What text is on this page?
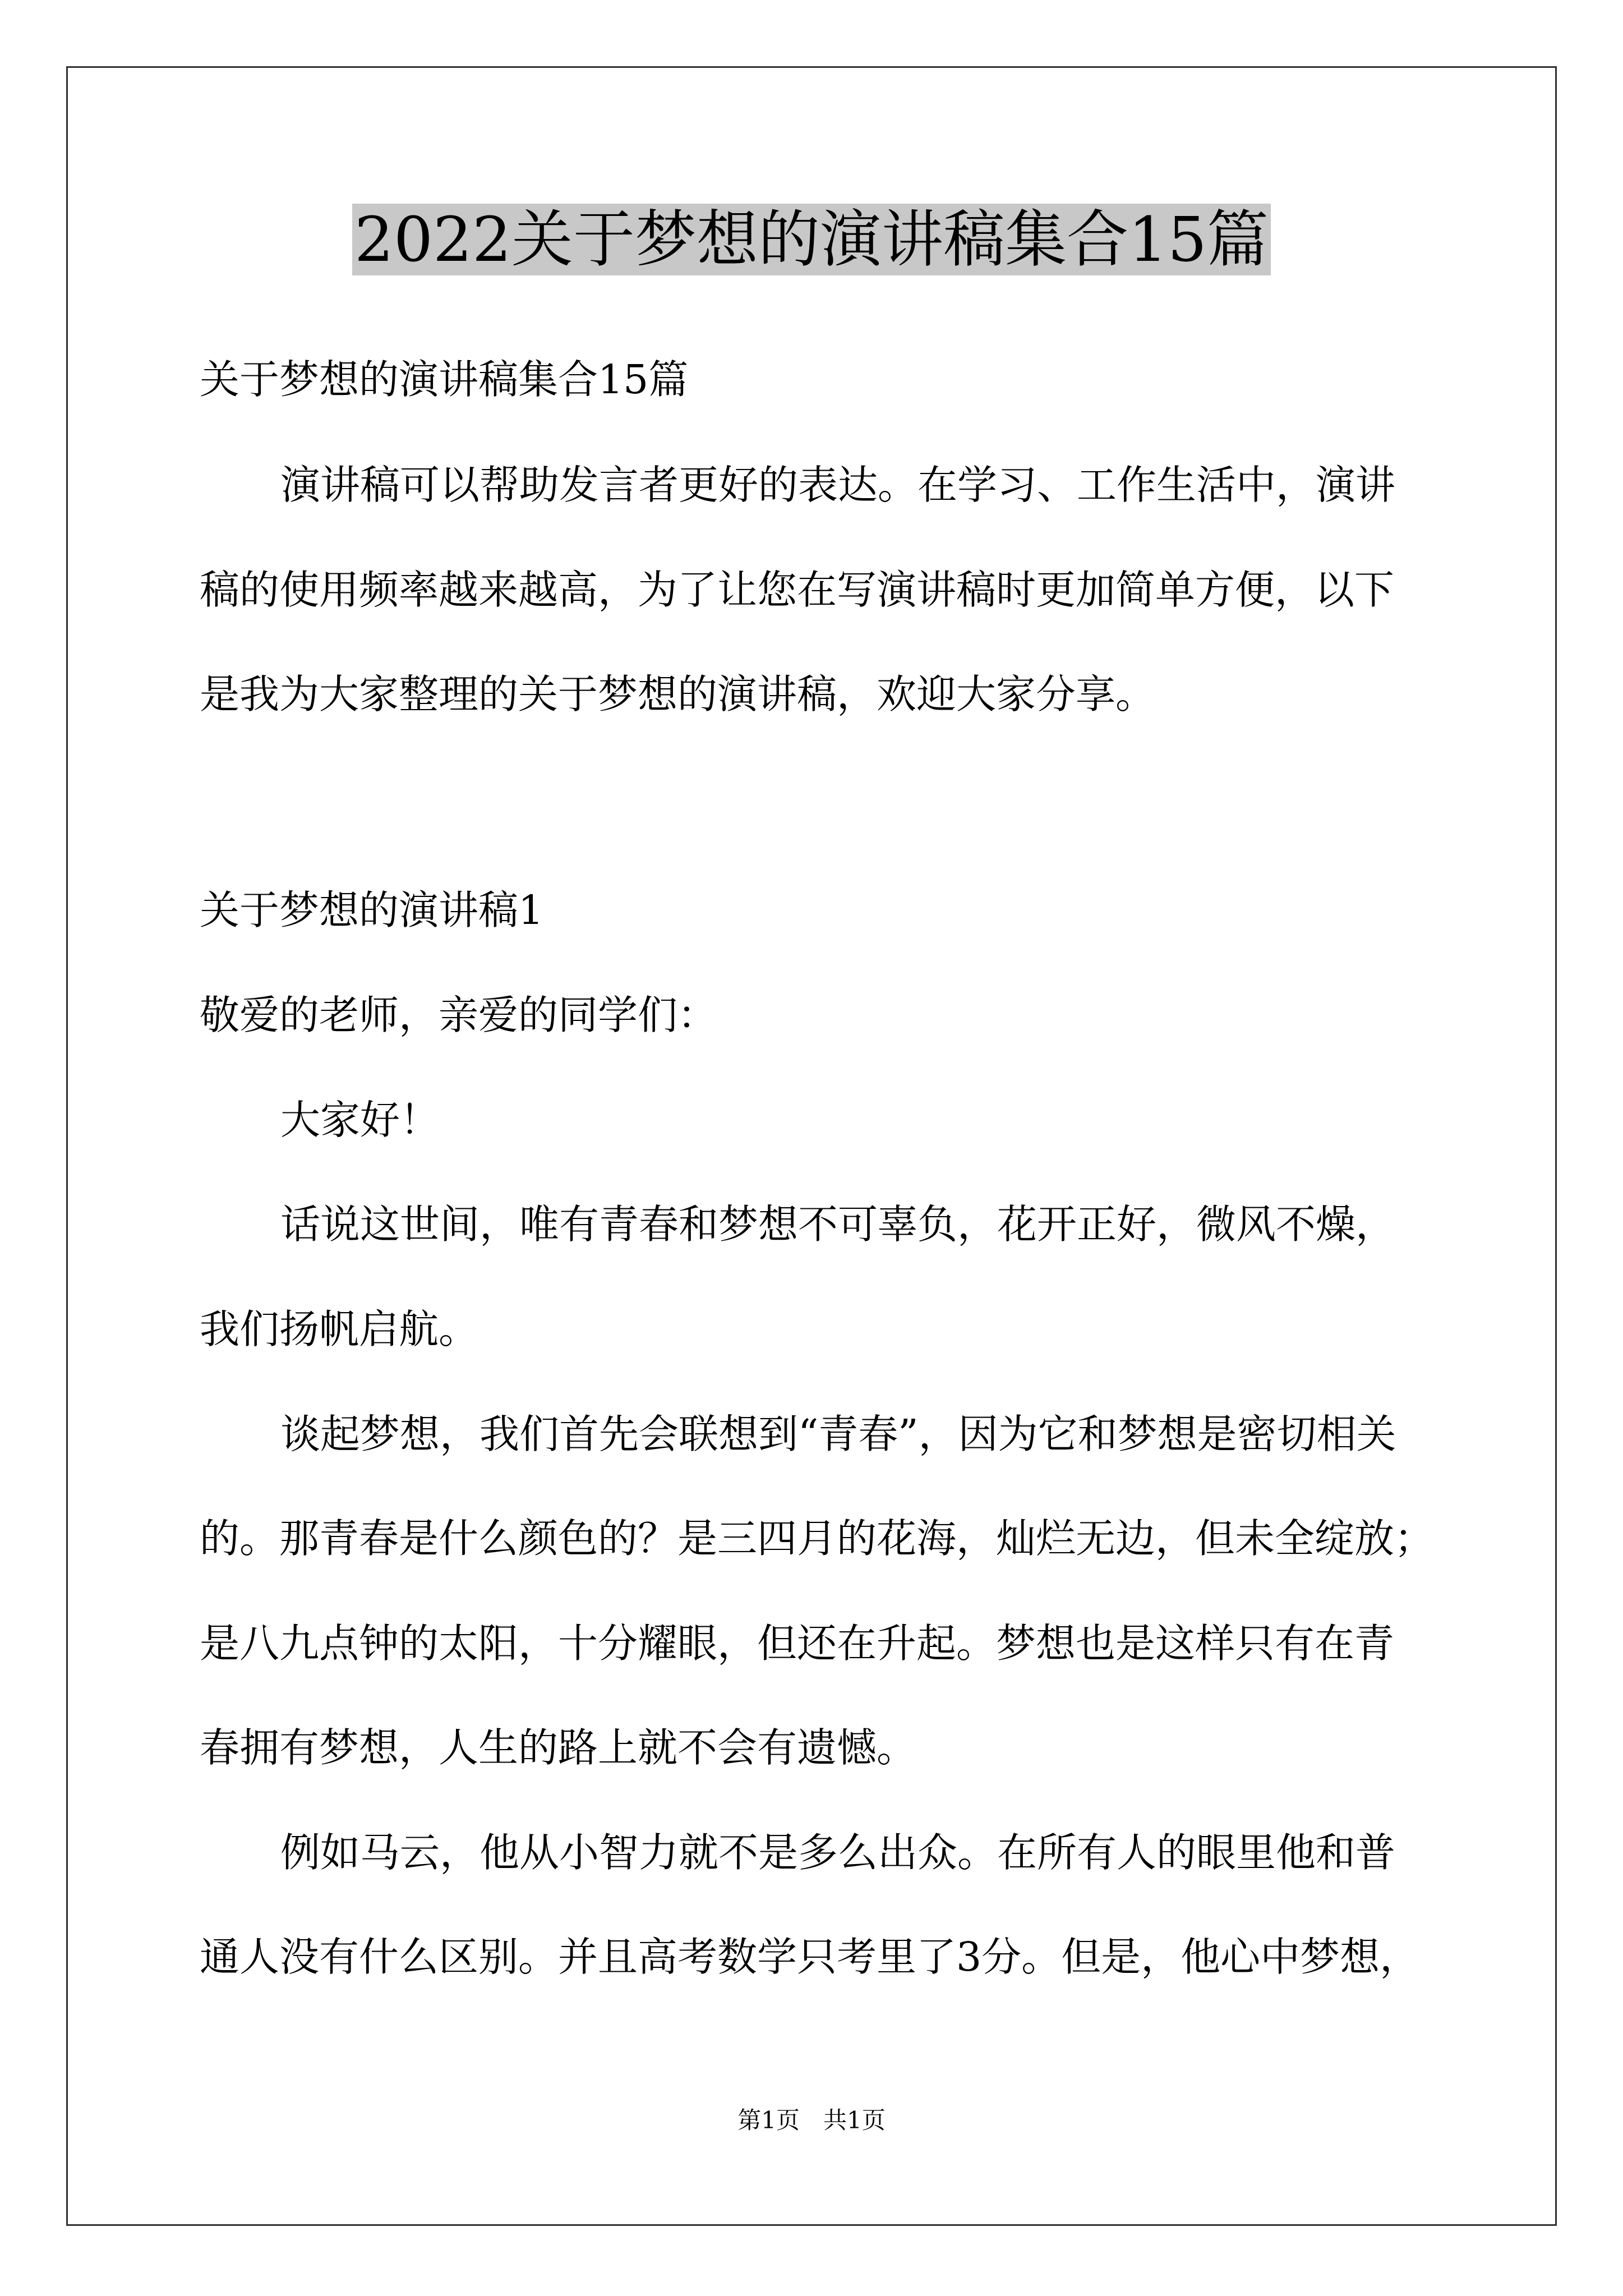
2022关于梦想的演讲稿集合15篇
关于梦想的演讲稿集合15篇
演讲稿可以帮助发言者更好的表达。在学习、工作生活中，演讲
稿的使用频率越来越高，为了让您在写演讲稿时更加简单方便，以下
是我为大家整理的关于梦想的演讲稿，欢迎大家分享。
关于梦想的演讲稿1
敬爱的老师，亲爱的同学们：
大家好！
话说这世间，唯有青春和梦想不可辜负，花开正好，微风不燥，
我们扬帆启航。
谈起梦想，我们首先会联想到“青春”，因为它和梦想是密切相关
的。那青春是什么颜色的？是三四月的花海，灿烂无边，但未全绽放；
是八九点钟的太阳，十分耀眼，但还在升起。梦想也是这样只有在青
春拥有梦想，人生的路上就不会有遗憾。
例如马云，他从小智力就不是多么出众。在所有人的眼里他和普
通人没有什么区别。并且高考数学只考里了3分。但是，他心中梦想，
第1页　共1页
